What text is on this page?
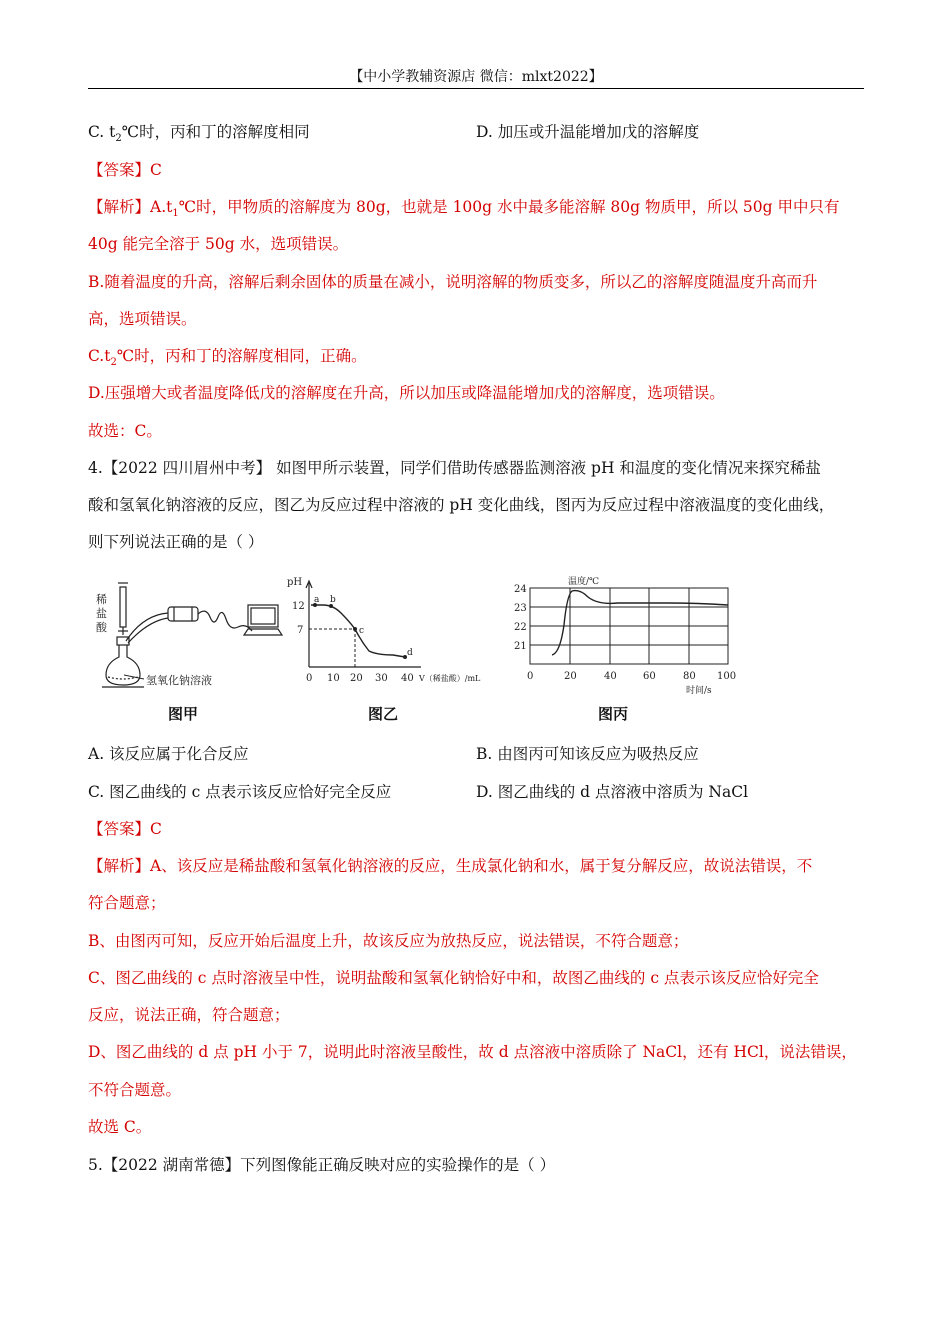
【中小学教辅资源店 微信：mlxt2022】
C. $t_2℃$时，丙和丁的溶解度相同	D. 加压或升温能增加戊的溶解度
【答案】C
【解析】$A.t_1℃$时，甲物质的溶解度为 80g，也就是 100g 水中最多能溶解 80g 物质甲，所以 50g 甲中只有
40g 能完全溶于 50g 水，选项错误。
B.随着温度的升高，溶解后剩余固体的质量在减小，说明溶解的物质变多，所以乙的溶解度随温度升高而升
高，选项错误。
$C.t_2℃$时，丙和丁的溶解度相同，正确。
D.压强增大或者温度降低戊的溶解度在升高，所以加压或降温能增加戊的溶解度，选项错误。
故选：C。
4.【2022 四川眉州中考】 如图甲所示装置，同学们借助传感器监测溶液 pH 和温度的变化情况来探究稀盐
酸和氢氧化钠溶液的反应，图乙为反应过程中溶液的 pH 变化曲线，图丙为反应过程中溶液温度的变化曲线，
则下列说法正确的是（ ）
稀
盐
酸
氢氧化钠溶液
图甲
pH
12
7
a b
c
d
0 10 20 30 40 V（稀盐酸）/mL
图乙
温度/℃
24
23
22
21
0	20	40	60	80 100
时间/s
图丙
A. 该反应属于化合反应	B. 由图丙可知该反应为吸热反应
C. 图乙曲线的 c 点表示该反应恰好完全反应	D. 图乙曲线的 d 点溶液中溶质为 NaCl
【答案】C
【解析】A、该反应是稀盐酸和氢氧化钠溶液的反应，生成氯化钠和水，属于复分解反应，故说法错误，不
符合题意；
B、由图丙可知，反应开始后温度上升，故该反应为放热反应，说法错误，不符合题意；
C、图乙曲线的 c 点时溶液呈中性，说明盐酸和氢氧化钠恰好中和，故图乙曲线的 c 点表示该反应恰好完全
反应，说法正确，符合题意；
D、图乙曲线的 d 点 pH 小于 7，说明此时溶液呈酸性，故 d 点溶液中溶质除了 NaCl，还有 HCl，说法错误，
不符合题意。
故选 C。
5.【2022 湖南常德】下列图像能正确反映对应的实验操作的是（ ）
